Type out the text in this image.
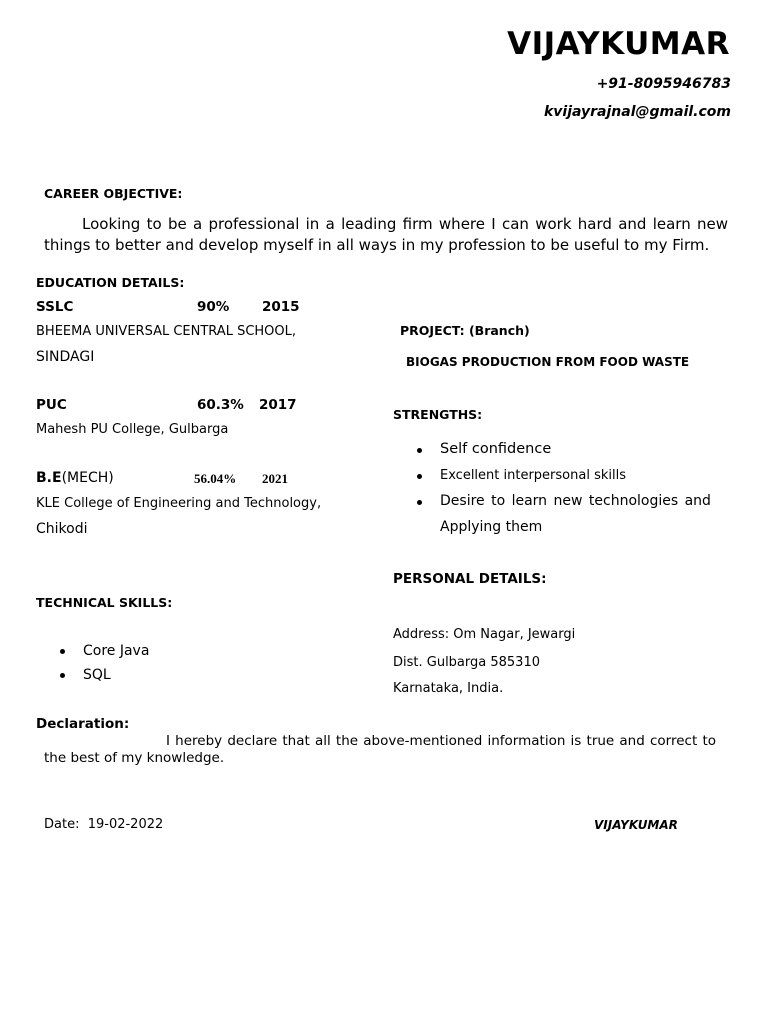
VIJAYKUMAR
+91-8095946783
kvijayrajnal@gmail.com
CAREER OBJECTIVE:
Looking to be a professional in a leading firm where I can work hard and learn new things to better and develop myself in all ways in my profession to be useful to my Firm.
EDUCATION DETAILS:
SSLC	90% 2015
BHEEMA UNIVERSAL CENTRAL SCHOOL,
SINDAGI
PUC	60.3% 2017
Mahesh PU College, Gulbarga
B.E(MECH)	56.04% 2021
KLE College of Engineering and Technology,
Chikodi
TECHNICAL SKILLS:
Core Java
SQL
PROJECT: (Branch)
BIOGAS PRODUCTION FROM FOOD WASTE
STRENGTHS:
Self confidence
Excellent interpersonal skills
Desire to learn new technologies and
Applying them
PERSONAL DETAILS:
Address: Om Nagar, Jewargi
Dist. Gulbarga 585310
Karnataka, India.
Declaration:
I hereby declare that all the above-mentioned information is true and correct to the best of my knowledge.
Date: 19-02-2022	VIJAYKUMAR
